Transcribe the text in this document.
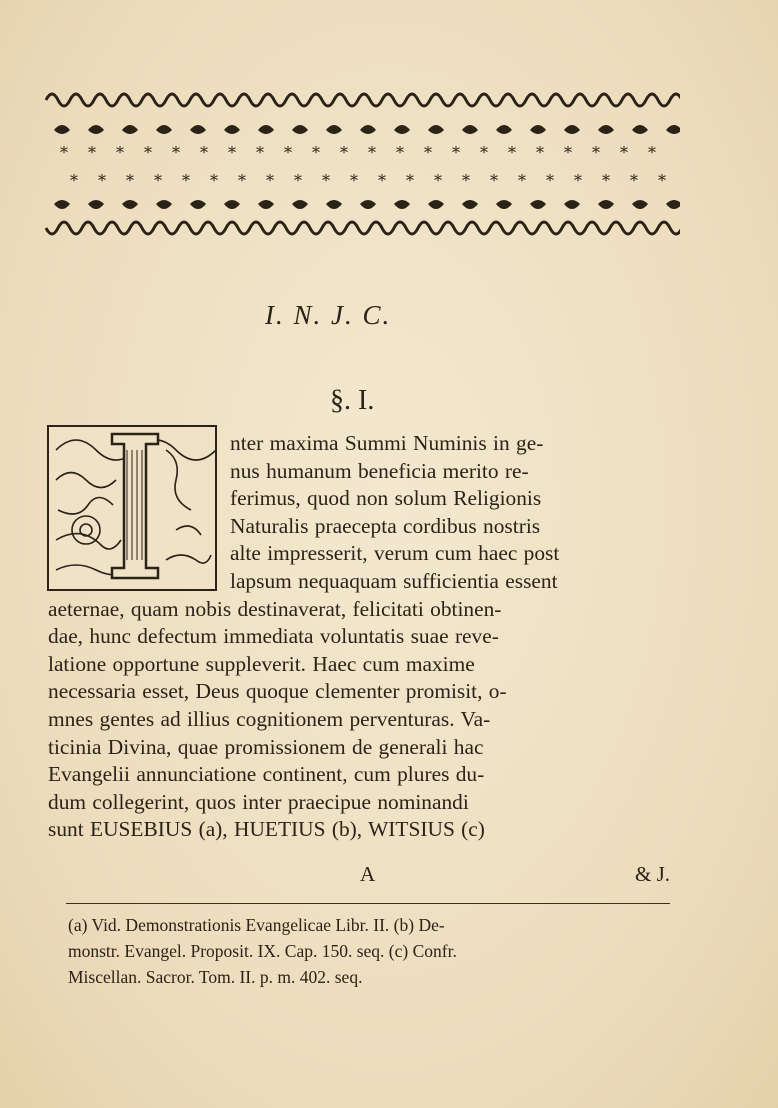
* * * * * * * * * * * * * * * * * * * * * *
* * * * * * * * * * * * * * * * * * * * * *
I. N. J. C.
§. I.
nter maxima Summi Numinis in ge-
nus humanum beneficia merito re-
ferimus, quod non solum Religionis
Naturalis praecepta cordibus nostris
alte impresserit, verum cum haec post
lapsum nequaquam sufficientia essent
aeternae, quam nobis destinaverat, felicitati obtinen-
dae, hunc defectum immediata voluntatis suae reve-
latione opportune suppleverit. Haec cum maxime
necessaria esset, Deus quoque clementer promisit, o-
mnes gentes ad illius cognitionem perventuras. Va-
ticinia Divina, quae promissionem de generali hac
Evangelii annunciatione continent, cum plures du-
dum collegerint, quos inter praecipue nominandi
sunt EUSEBIUS (a), HUETIUS (b), WITSIUS (c)
A	& J.
(a) Vid. Demonstrationis Evangelicae Libr. II. (b) De-
monstr. Evangel. Proposit. IX. Cap. 150. seq. (c) Confr.
Miscellan. Sacror. Tom. II. p. m. 402. seq.
